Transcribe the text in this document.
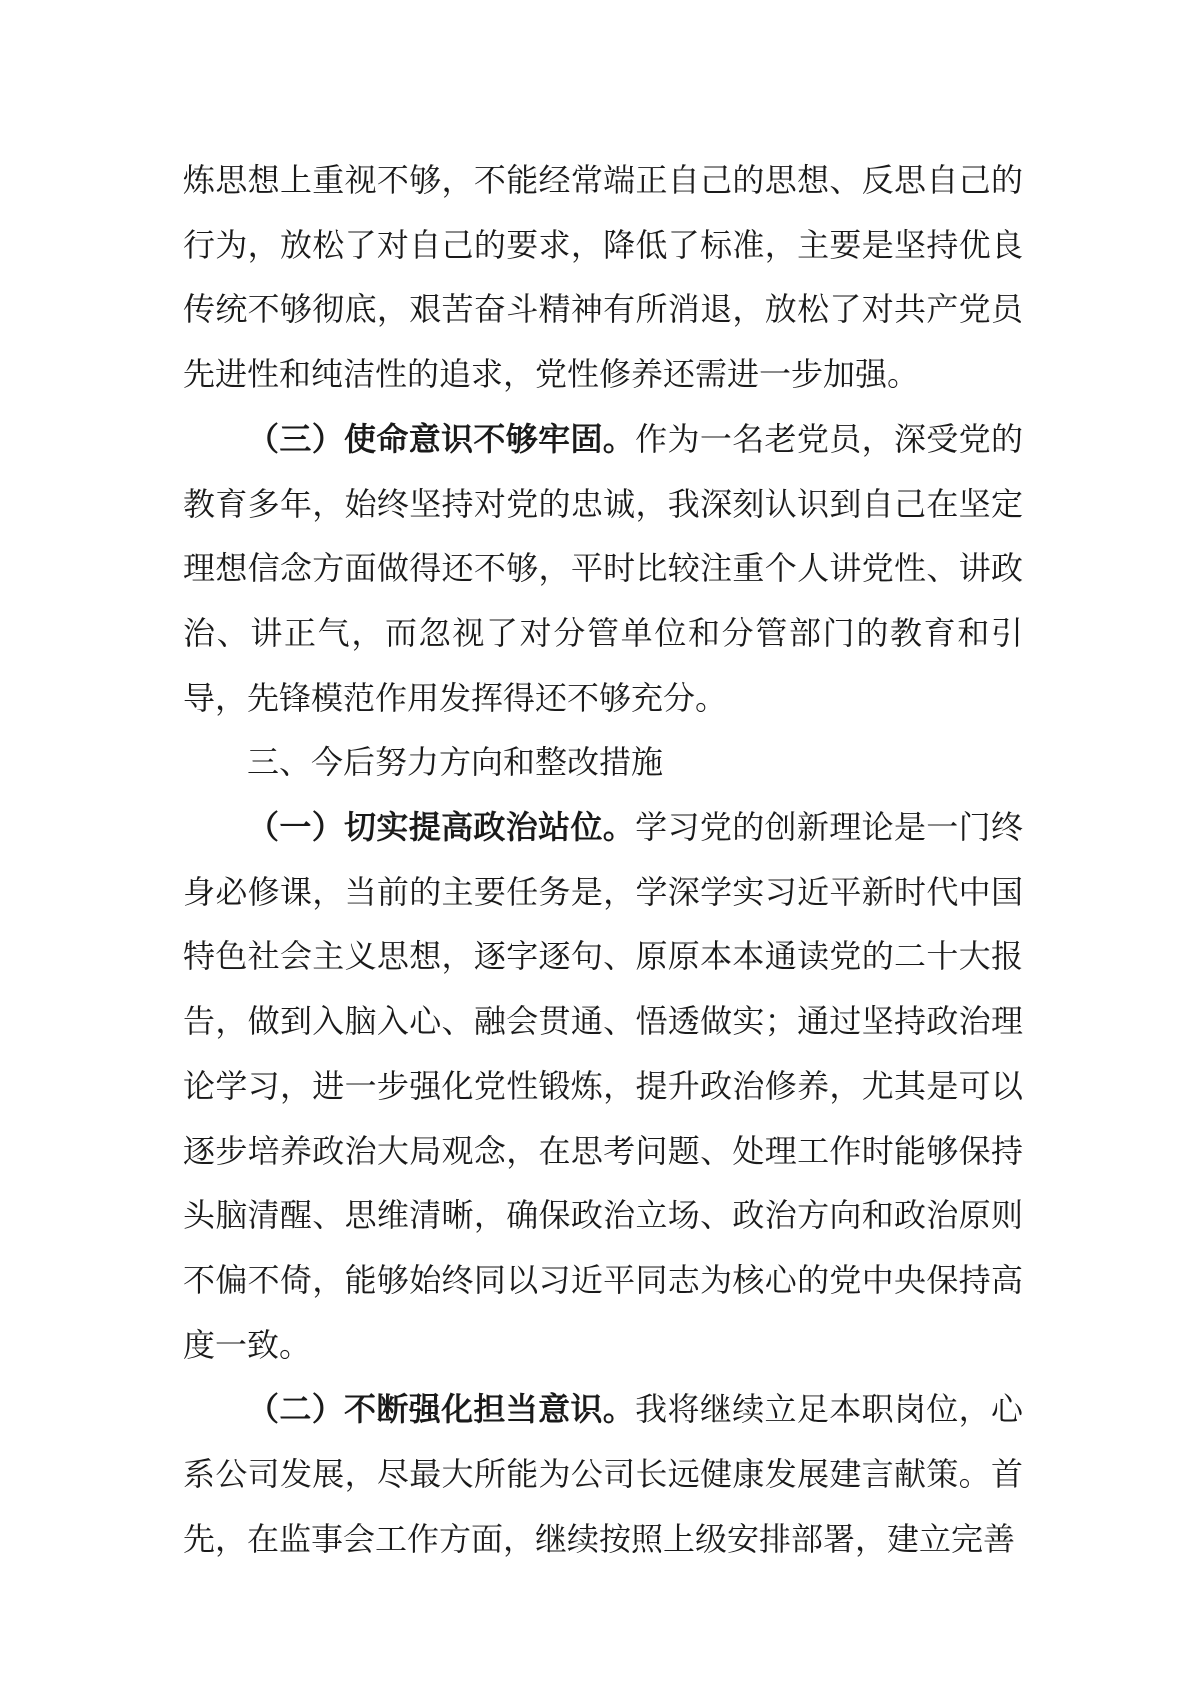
炼思想上重视不够，不能经常端正自己的思想、反思自己的行为，放松了对自己的要求，降低了标准，主要是坚持优良传统不够彻底，艰苦奋斗精神有所消退，放松了对共产党员先进性和纯洁性的追求，党性修养还需进一步加强。

（三）使命意识不够牢固。作为一名老党员，深受党的教育多年，始终坚持对党的忠诚，我深刻认识到自己在坚定理想信念方面做得还不够，平时比较注重个人讲党性、讲政治、讲正气，而忽视了对分管单位和分管部门的教育和引导，先锋模范作用发挥得还不够充分。

三、今后努力方向和整改措施

（一）切实提高政治站位。学习党的创新理论是一门终身必修课，当前的主要任务是，学深学实习近平新时代中国特色社会主义思想，逐字逐句、原原本本通读党的二十大报告，做到入脑入心、融会贯通、悟透做实；通过坚持政治理论学习，进一步强化党性锻炼，提升政治修养，尤其是可以逐步培养政治大局观念，在思考问题、处理工作时能够保持头脑清醒、思维清晰，确保政治立场、政治方向和政治原则不偏不倚，能够始终同以习近平同志为核心的党中央保持高度一致。

（二）不断强化担当意识。我将继续立足本职岗位，心系公司发展，尽最大所能为公司长远健康发展建言献策。首先，在监事会工作方面，继续按照上级安排部署，建立完善
